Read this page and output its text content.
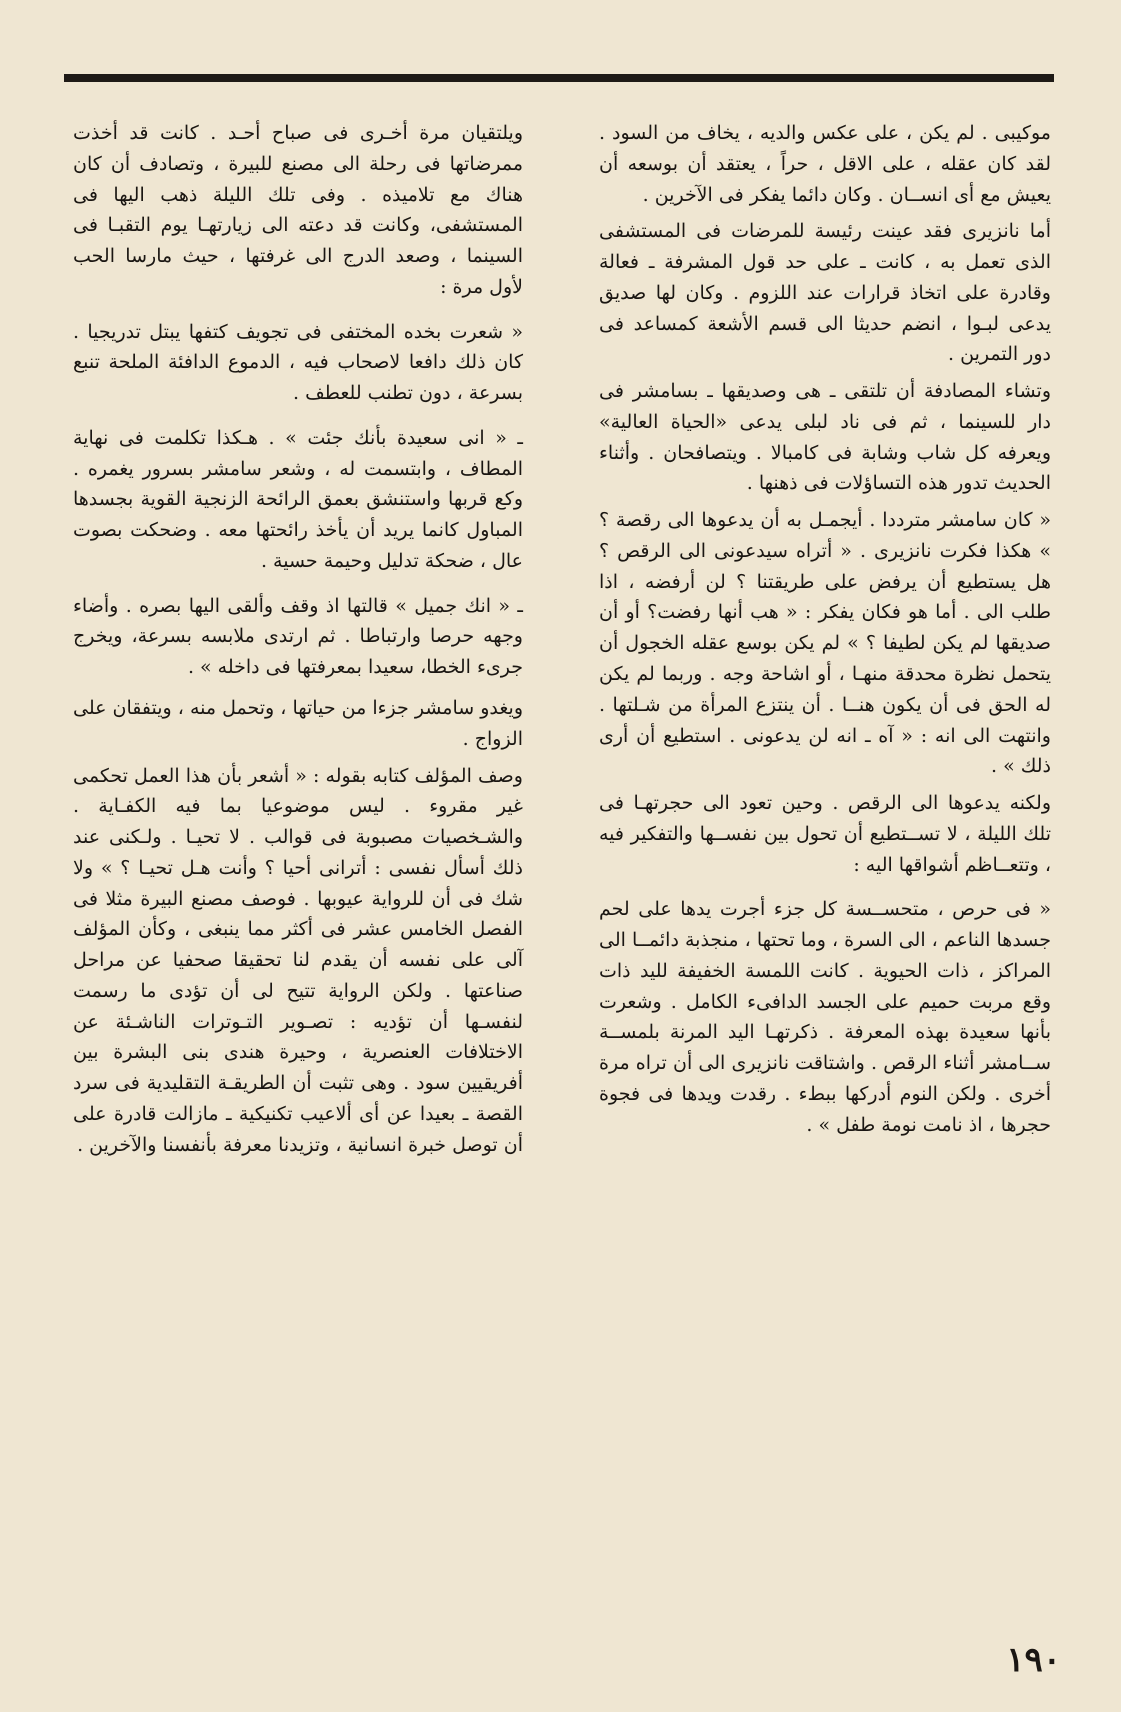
موكيبى . لم يكن ، على عكس والديه ، يخاف من السود . لقد كان عقله ، على الاقل ، حراً ، يعتقد أن بوسعه أن يعيش مع أى انســان . وكان دائما يفكر فى الآخرين .

أما نانزيرى فقد عينت رئيسة للمرضات فى المستشفى الذى تعمل به ، كانت ـ على حد قول المشرفة ـ فعالة وقادرة على اتخاذ قرارات عند اللزوم . وكان لها صديق يدعى لبـوا ، انضم حديثا الى قسم الأشعة كمساعد فى دور التمرين .

وتشاء المصادفة أن تلتقى ـ هى وصديقها ـ بسامشر فى دار للسينما ، ثم فى ناد لبلى يدعى «الحياة العالية» ويعرفه كل شاب وشابة فى كامبالا . ويتصافحان . وأثناء الحديث تدور هذه التساؤلات فى ذهنها .

« كان سامشر مترددا . أيجمـل به أن يدعوها الى رقصة ؟ » هكذا فكرت نانزيرى . « أتراه سيدعونى الى الرقص ؟ هل يستطيع أن يرفض على طريقتنا ؟ لن أرفضه ، اذا طلب الى . أما هو فكان يفكر : « هب أنها رفضت؟ أو أن صديقها لم يكن لطيفا ؟ » لم يكن بوسع عقله الخجول أن يتحمل نظرة محدقة منهـا ، أو اشاحة وجه . وربما لم يكن له الحق فى أن يكون هنــا . أن ينتزع المرأة من شـلتها . وانتهت الى انه : « آه ـ انه لن يدعونى . استطيع أن أرى ذلك » .

ولكنه يدعوها الى الرقص . وحين تعود الى حجرتهـا فى تلك الليلة ، لا تســتطيع أن تحول بين نفســها والتفكير فيه ، وتتعــاظم أشواقها اليه :

« فى حرص ، متحســسة كل جزء أجرت يدها على لحم جسدها الناعم ، الى السرة ، وما تحتها ، منجذبة دائمــا الى المراكز ، ذات الحيوية . كانت اللمسة الخفيفة لليد ذات وقع مربت حميم على الجسد الدافىء الكامل . وشعرت بأنها سعيدة بهذه المعرفة . ذكرتهـا اليد المرنة بلمســة ســامشر أثناء الرقص . واشتاقت نانزيرى الى أن تراه مرة أخرى . ولكن النوم أدركها ببطء . رقدت ويدها فى فجوة حجرها ، اذ نامت نومة طفل » .

ويلتقيان مرة أخـرى فى صباح أحـد . كانت قد أخذت ممرضاتها فى رحلة الى مصنع للبيرة ، وتصادف أن كان هناك مع تلاميذه . وفى تلك الليلة ذهب اليها فى المستشفى، وكانت قد دعته الى زيارتهـا يوم التقبـا فى السينما ، وصعد الدرج الى غرفتها ، حيث مارسا الحب لأول مرة :

« شعرت بخده المختفى فى تجويف كتفها يبتل تدريجيا . كان ذلك دافعا لاصحاب فيه ، الدموع الدافئة الملحة تنبع بسرعة ، دون تطنب للعطف .

ـ « انى سعيدة بأنك جئت » . هـكذا تكلمت فى نهاية المطاف ، وابتسمت له ، وشعر سامشر بسرور يغمره . وكع قربها واستنشق بعمق الرائحة الزنجية القوية بجسدها المباول كانما يريد أن يأخذ رائحتها معه . وضحكت بصوت عال ، ضحكة تدليل وحيمة حسية .

ـ « انك جميل » قالتها اذ وقف وألقى اليها بصره . وأضاء وجهه حرصا وارتباطا . ثم ارتدى ملابسه بسرعة، ويخرج جرىء الخطا، سعيدا بمعرفتها فى داخله » .

ويغدو سامشر جزءا من حياتها ، وتحمل منه ، ويتفقان على الزواج .

وصف المؤلف كتابه بقوله : « أشعر بأن هذا العمل تحكمى غير مقروء . ليس موضوعيا بما فيه الكفـاية . والشـخصيات مصبوبة فى قوالب . لا تحيـا . ولـكنى عند ذلك أسأل نفسى : أترانى أحيا ؟ وأنت هـل تحيـا ؟ » ولا شك فى أن للرواية عيوبها . فوصف مصنع البيرة مثلا فى الفصل الخامس عشر فى أكثر مما ينبغى ، وكأن المؤلف آلى على نفسه أن يقدم لنا تحقيقا صحفيا عن مراحل صناعتها . ولكن الرواية تتيح لى أن تؤدى ما رسمت لنفسـها أن تؤديه : تصـوير التـوترات الناشـئة عن الاختلافات العنصرية ، وحيرة هندى بنى البشرة بين أفريقيين سود . وهى تثبت أن الطريقـة التقليدية فى سرد القصة ـ بعيدا عن أى ألاعيب تكنيكية ـ مازالت قادرة على أن توصل خبرة انسانية ، وتزيدنا معرفة بأنفسنا والآخرين .

١٩٠
